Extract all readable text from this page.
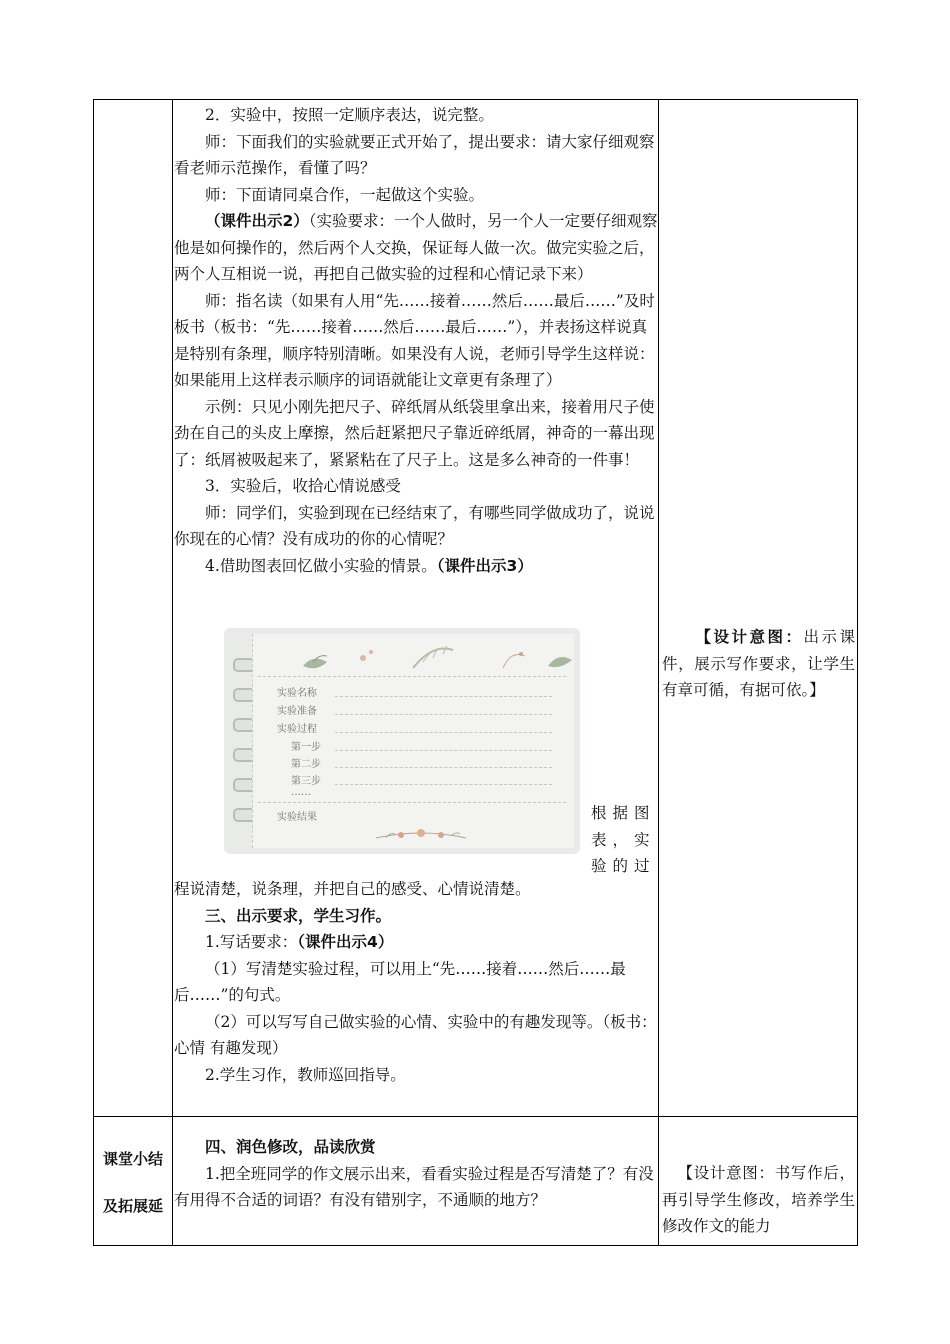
2．实验中，按照一定顺序表达，说完整。

师：下面我们的实验就要正式开始了，提出要求：请大家仔细观察看老师示范操作，看懂了吗？

师：下面请同桌合作，一起做这个实验。

（课件出示2）（实验要求：一个人做时，另一个人一定要仔细观察他是如何操作的，然后两个人交换，保证每人做一次。做完实验之后，两个人互相说一说，再把自己做实验的过程和心情记录下来）

师：指名读（如果有人用“先……接着……然后……最后……”及时板书（板书：“先……接着……然后……最后……”），并表扬这样说真是特别有条理，顺序特别清晰。如果没有人说，老师引导学生这样说：如果能用上这样表示顺序的词语就能让文章更有条理了）

示例：只见小刚先把尺子、碎纸屑从纸袋里拿出来，接着用尺子使劲在自己的头皮上摩擦，然后赶紧把尺子靠近碎纸屑，神奇的一幕出现了：纸屑被吸起来了，紧紧粘在了尺子上。这是多么神奇的一件事！

3．实验后，收拾心情说感受

师：同学们，实验到现在已经结束了，有哪些同学做成功了，说说你现在的心情？没有成功的你的心情呢？

4.借助图表回忆做小实验的情景。（课件出示3）

实验名称
实验准备
实验过程
第一步
第二步
第三步
……
实验结果	根据图
表，实
验的过

程说清楚，说条理，并把自己的感受、心情说清楚。

三、出示要求，学生习作。

1.写话要求：（课件出示4）

（1）写清楚实验过程，可以用上“先……接着……然后……最后……”的句式。

（2）可以写写自己做实验的心情、实验中的有趣发现等。（板书：心情 有趣发现）

2.学生习作，教师巡回指导。

【设计意图：出示课件，展示写作要求，让学生有章可循，有据可依。】
课堂小结
及拓展延

四、润色修改，品读欣赏

1.把全班同学的作文展示出来，看看实验过程是否写清楚了？有没有用得不合适的词语？有没有错别字，不通顺的地方？

【设计意图：书写作后，再引导学生修改，培养学生修改作文的能力
